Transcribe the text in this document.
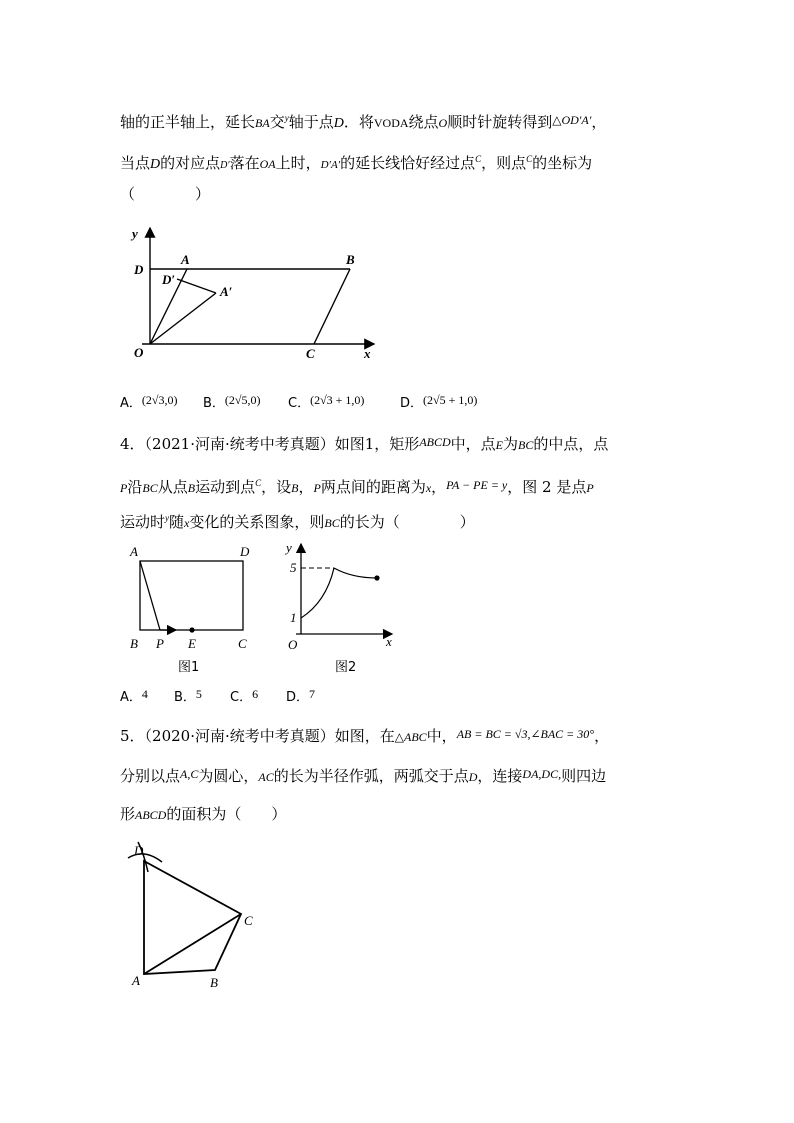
轴的正半轴上，延长BA交$^y$轴于点D．将VODA绕点O顺时针旋转得到$^{\triangle OD'A'}$，
当点D的对应点D′落在OA上时，D′A′的延长线恰好经过点$^C$，则点$^C$的坐标为
（　　　　）
y
x
O
D
A	B
C
D′
A′
A．(2√3,0) B．(2√5,0) C．(2√3 + 1,0)	D．(2√5 + 1,0)
4．（2021·河南·统考中考真题）如图1，矩形$^{ABCD}$中，点E为BC的中点，点
P沿BC从点B运动到点$^C$，设B，P两点间的距离为x，$^{PA - PE = y}$，图 2 是点P
运动时$^y$随x变化的关系图象，则BC的长为（　　　　）
A	D
B P E	C
图1
y
x
O
5
1
图2
A．4 B．5 C．6 D．7
5．（2020·河南·统考中考真题）如图，在△ABC中，$^{AB = BC = √3,\angle BAC = 30^\circ}$，
分别以点$^{A,C}$为圆心，AC的长为半径作弧，两弧交于点D，连接$^{DA,DC,}$则四边
形ABCD的面积为（　　）
D
C
A	B
